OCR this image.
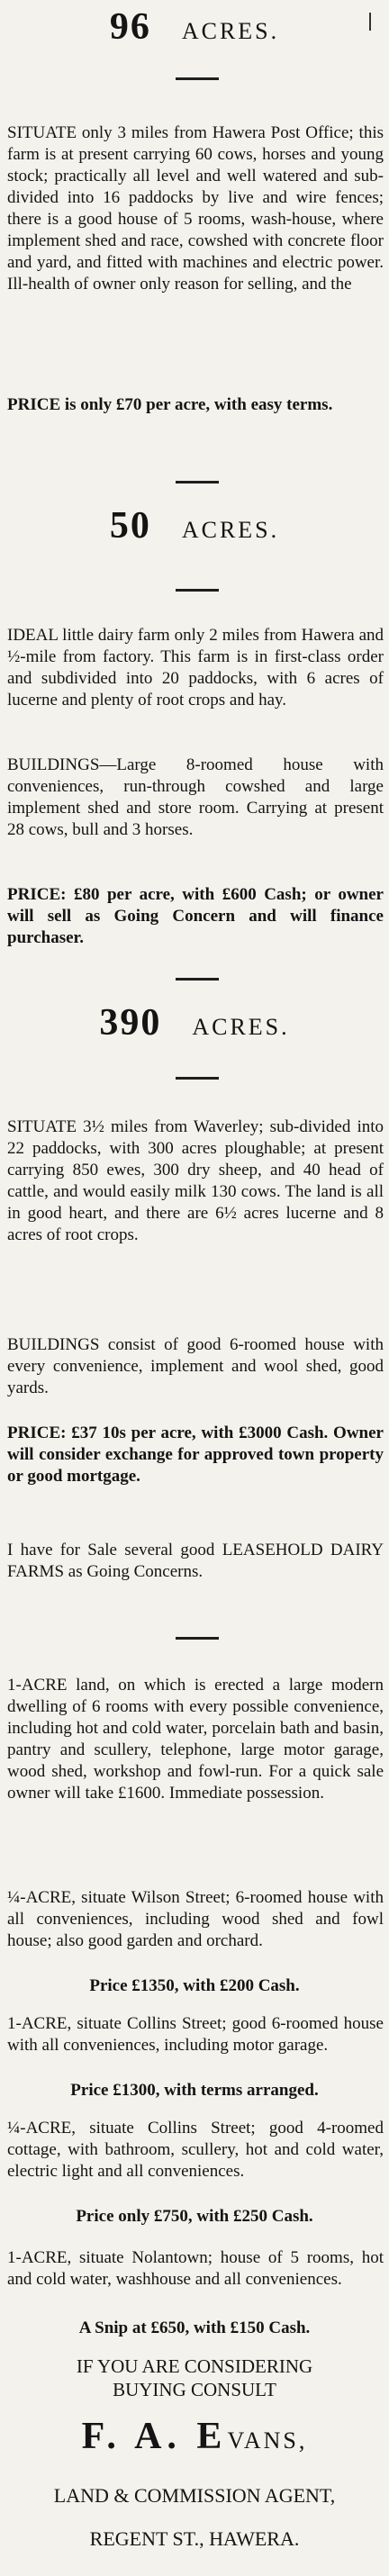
96 ACRES.

SITUATE only 3 miles from Hawera Post Office; this farm is at present carrying 60 cows, horses and young stock; practically all level and well watered and sub-divided into 16 paddocks by live and wire fences; there is a good house of 5 rooms, wash-house, where implement shed and race, cowshed with concrete floor and yard, and fitted with machines and electric power. Ill-health of owner only reason for selling, and the

PRICE is only £70 per acre, with easy terms.

50 ACRES.

IDEAL little dairy farm only 2 miles from Hawera and ½-mile from factory. This farm is in first-class order and subdivided into 20 paddocks, with 6 acres of lucerne and plenty of root crops and hay.

BUILDINGS—Large 8-roomed house with conveniences, run-through cowshed and large implement shed and store room. Carrying at present 28 cows, bull and 3 horses.

PRICE: £80 per acre, with £600 Cash; or owner will sell as Going Concern and will finance purchaser.

390 ACRES.

SITUATE 3½ miles from Waverley; sub-divided into 22 paddocks, with 300 acres ploughable; at present carrying 850 ewes, 300 dry sheep, and 40 head of cattle, and would easily milk 130 cows. The land is all in good heart, and there are 6½ acres lucerne and 8 acres of root crops.

BUILDINGS consist of good 6-roomed house with every convenience, implement and wool shed, good yards.

PRICE: £37 10s per acre, with £3000 Cash. Owner will consider exchange for approved town property or good mortgage.

I have for Sale several good LEASEHOLD DAIRY FARMS as Going Concerns.

1-ACRE land, on which is erected a large modern dwelling of 6 rooms with every possible convenience, including hot and cold water, porcelain bath and basin, pantry and scullery, telephone, large motor garage, wood shed, workshop and fowl-run. For a quick sale owner will take £1600. Immediate possession.

¼-ACRE, situate Wilson Street; 6-roomed house with all conveniences, including wood shed and fowl house; also good garden and orchard.

Price £1350, with £200 Cash.

1-ACRE, situate Collins Street; good 6-roomed house with all conveniences, including motor garage.

Price £1300, with terms arranged.

¼-ACRE, situate Collins Street; good 4-roomed cottage, with bathroom, scullery, hot and cold water, electric light and all conveniences.

Price only £750, with £250 Cash.

1-ACRE, situate Nolantown; house of 5 rooms, hot and cold water, washhouse and all conveniences.

A Snip at £650, with £150 Cash.

IF YOU ARE CONSIDERING

BUYING CONSULT

F. A. EVANS,

LAND & COMMISSION AGENT,

REGENT ST., HAWERA.
